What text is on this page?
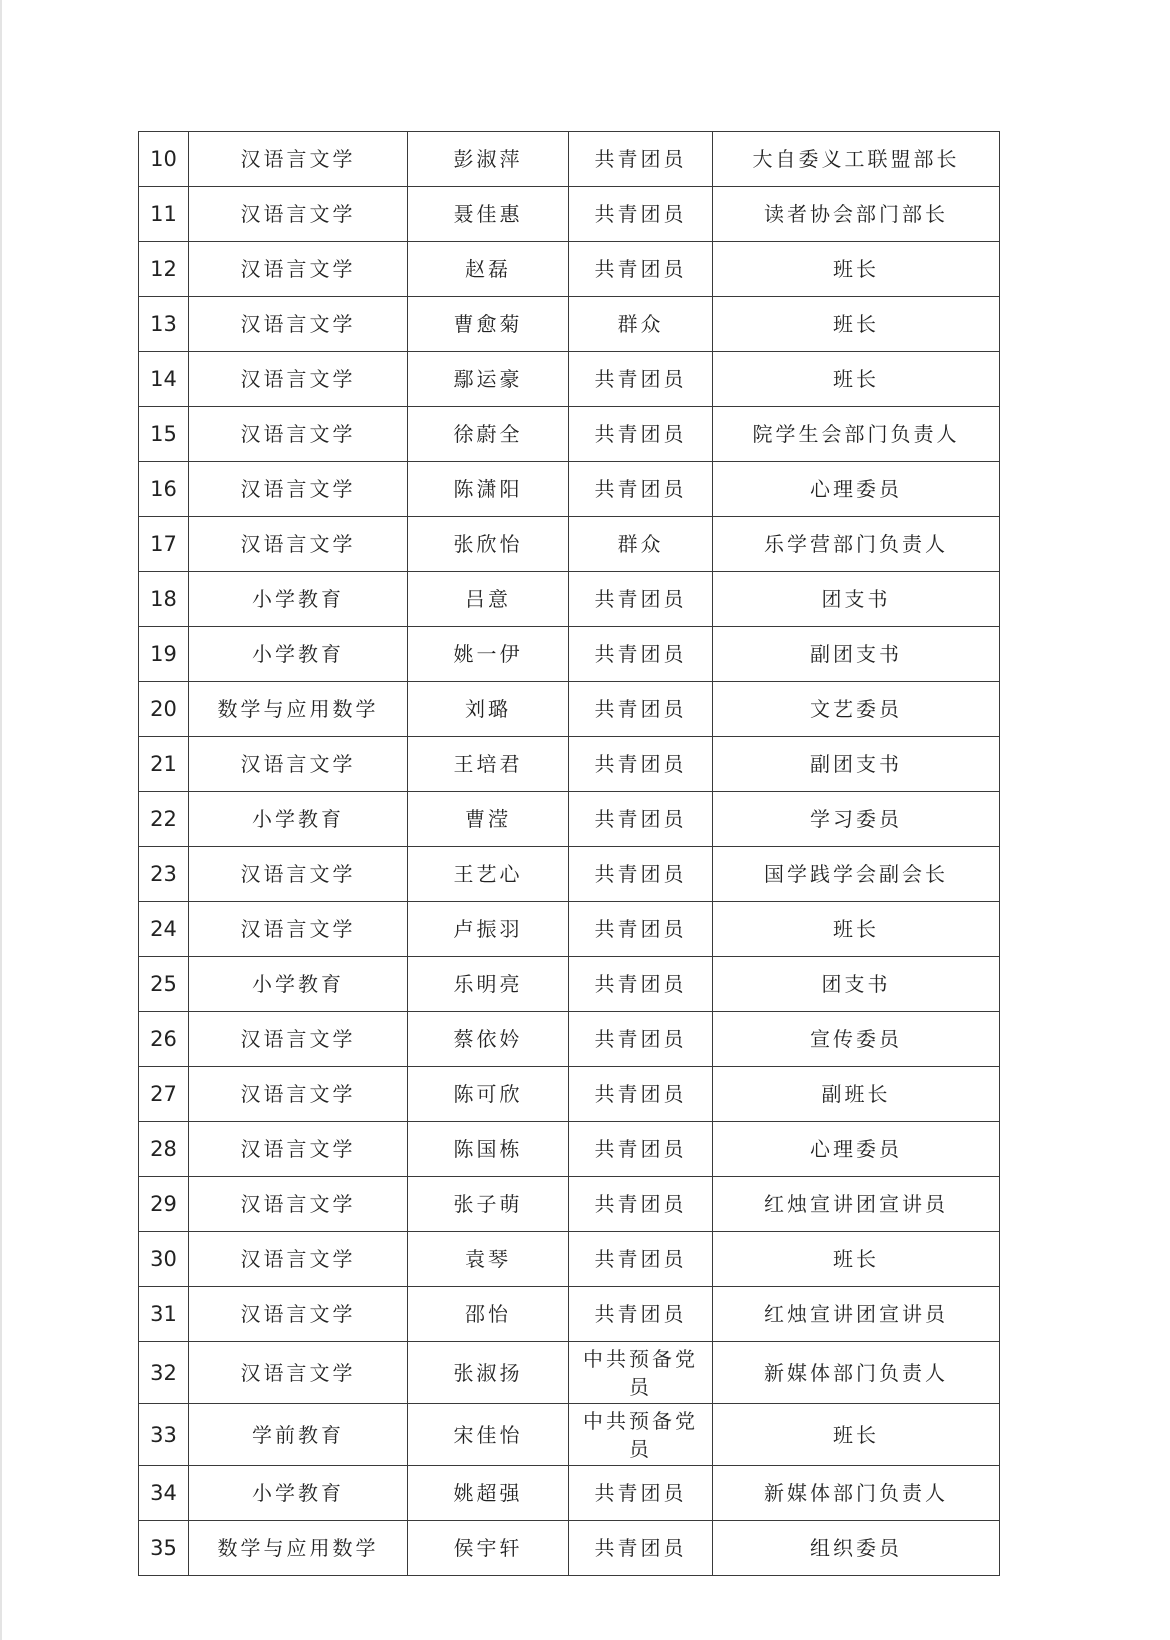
10	汉语言文学	彭淑萍	共青团员	大自委义工联盟部长
11	汉语言文学	聂佳惠	共青团员	读者协会部门部长
12	汉语言文学	赵磊	共青团员	班长
13	汉语言文学	曹愈菊	群众	班长
14	汉语言文学	鄢运豪	共青团员	班长
15	汉语言文学	徐蔚全	共青团员	院学生会部门负责人
16	汉语言文学	陈潇阳	共青团员	心理委员
17	汉语言文学	张欣怡	群众	乐学营部门负责人
18	小学教育	吕意	共青团员	团支书
19	小学教育	姚一伊	共青团员	副团支书
20	数学与应用数学	刘璐	共青团员	文艺委员
21	汉语言文学	王培君	共青团员	副团支书
22	小学教育	曹滢	共青团员	学习委员
23	汉语言文学	王艺心	共青团员	国学践学会副会长
24	汉语言文学	卢振羽	共青团员	班长
25	小学教育	乐明亮	共青团员	团支书
26	汉语言文学	蔡依妗	共青团员	宣传委员
27	汉语言文学	陈可欣	共青团员	副班长
28	汉语言文学	陈国栋	共青团员	心理委员
29	汉语言文学	张子萌	共青团员	红烛宣讲团宣讲员
30	汉语言文学	袁琴	共青团员	班长
31	汉语言文学	邵怡	共青团员	红烛宣讲团宣讲员
32	汉语言文学	张淑扬	中共预备党员	新媒体部门负责人
33	学前教育	宋佳怡	中共预备党员	班长
34	小学教育	姚超强	共青团员	新媒体部门负责人
35	数学与应用数学	侯宇轩	共青团员	组织委员
